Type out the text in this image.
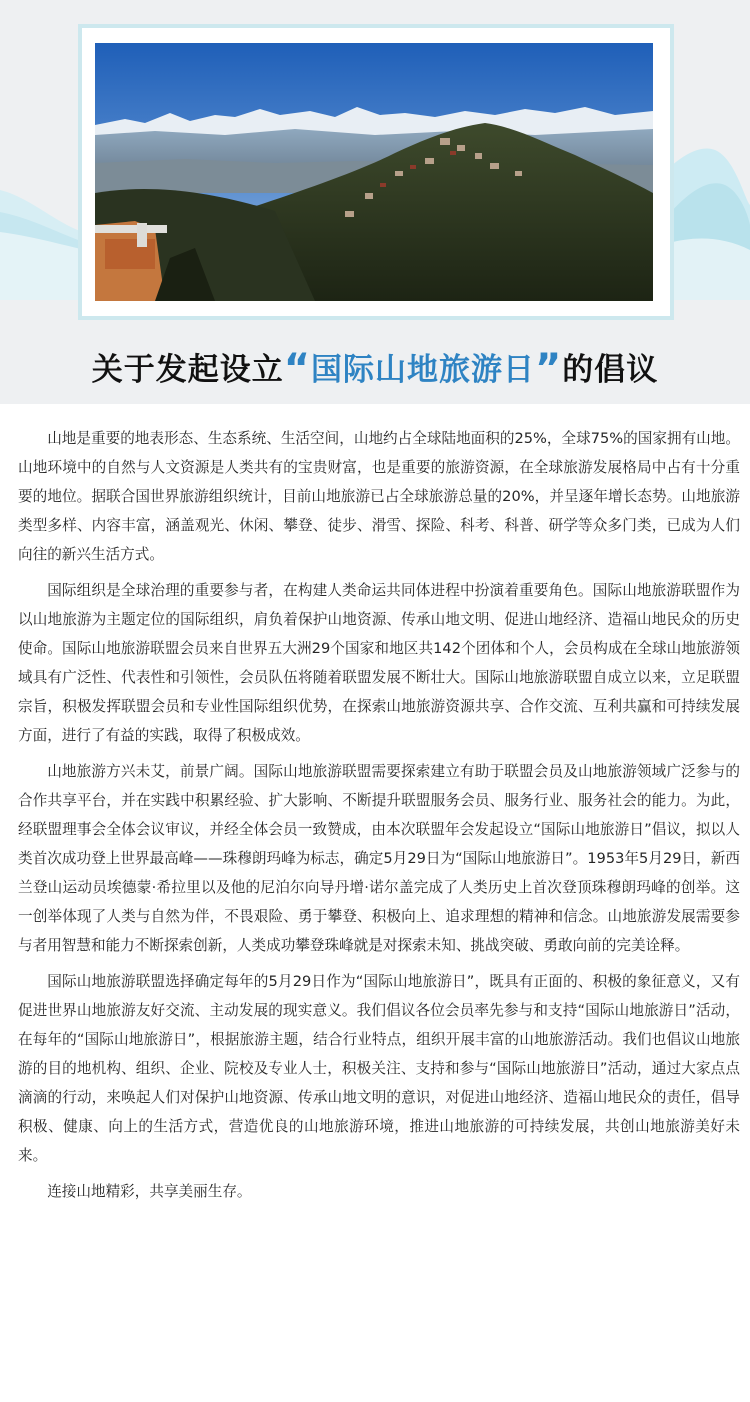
关于发起设立“国际山地旅游日”的倡议

山地是重要的地表形态、生态系统、生活空间，山地约占全球陆地面积的25%，全球75%的国家拥有山地。山地环境中的自然与人文资源是人类共有的宝贵财富，也是重要的旅游资源，在全球旅游发展格局中占有十分重要的地位。据联合国世界旅游组织统计，目前山地旅游已占全球旅游总量的20%，并呈逐年增长态势。山地旅游类型多样、内容丰富，涵盖观光、休闲、攀登、徒步、滑雪、探险、科考、科普、研学等众多门类，已成为人们向往的新兴生活方式。

国际组织是全球治理的重要参与者，在构建人类命运共同体进程中扮演着重要角色。国际山地旅游联盟作为以山地旅游为主题定位的国际组织，肩负着保护山地资源、传承山地文明、促进山地经济、造福山地民众的历史使命。国际山地旅游联盟会员来自世界五大洲29个国家和地区共142个团体和个人，会员构成在全球山地旅游领域具有广泛性、代表性和引领性，会员队伍将随着联盟发展不断壮大。国际山地旅游联盟自成立以来，立足联盟宗旨，积极发挥联盟会员和专业性国际组织优势，在探索山地旅游资源共享、合作交流、互利共赢和可持续发展方面，进行了有益的实践，取得了积极成效。

山地旅游方兴未艾，前景广阔。国际山地旅游联盟需要探索建立有助于联盟会员及山地旅游领域广泛参与的合作共享平台，并在实践中积累经验、扩大影响、不断提升联盟服务会员、服务行业、服务社会的能力。为此，经联盟理事会全体会议审议，并经全体会员一致赞成，由本次联盟年会发起设立“国际山地旅游日”倡议，拟以人类首次成功登上世界最高峰——珠穆朗玛峰为标志，确定5月29日为“国际山地旅游日”。1953年5月29日，新西兰登山运动员埃德蒙·希拉里以及他的尼泊尔向导丹增·诺尔盖完成了人类历史上首次登顶珠穆朗玛峰的创举。这一创举体现了人类与自然为伴，不畏艰险、勇于攀登、积极向上、追求理想的精神和信念。山地旅游发展需要参与者用智慧和能力不断探索创新，人类成功攀登珠峰就是对探索未知、挑战突破、勇敢向前的完美诠释。

国际山地旅游联盟选择确定每年的5月29日作为“国际山地旅游日”，既具有正面的、积极的象征意义，又有促进世界山地旅游友好交流、主动发展的现实意义。我们倡议各位会员率先参与和支持“国际山地旅游日”活动，在每年的“国际山地旅游日”，根据旅游主题，结合行业特点，组织开展丰富的山地旅游活动。我们也倡议山地旅游的目的地机构、组织、企业、院校及专业人士，积极关注、支持和参与“国际山地旅游日”活动，通过大家点点滴滴的行动，来唤起人们对保护山地资源、传承山地文明的意识，对促进山地经济、造福山地民众的责任，倡导积极、健康、向上的生活方式，营造优良的山地旅游环境，推进山地旅游的可持续发展，共创山地旅游美好未来。

连接山地精彩，共享美丽生存。
